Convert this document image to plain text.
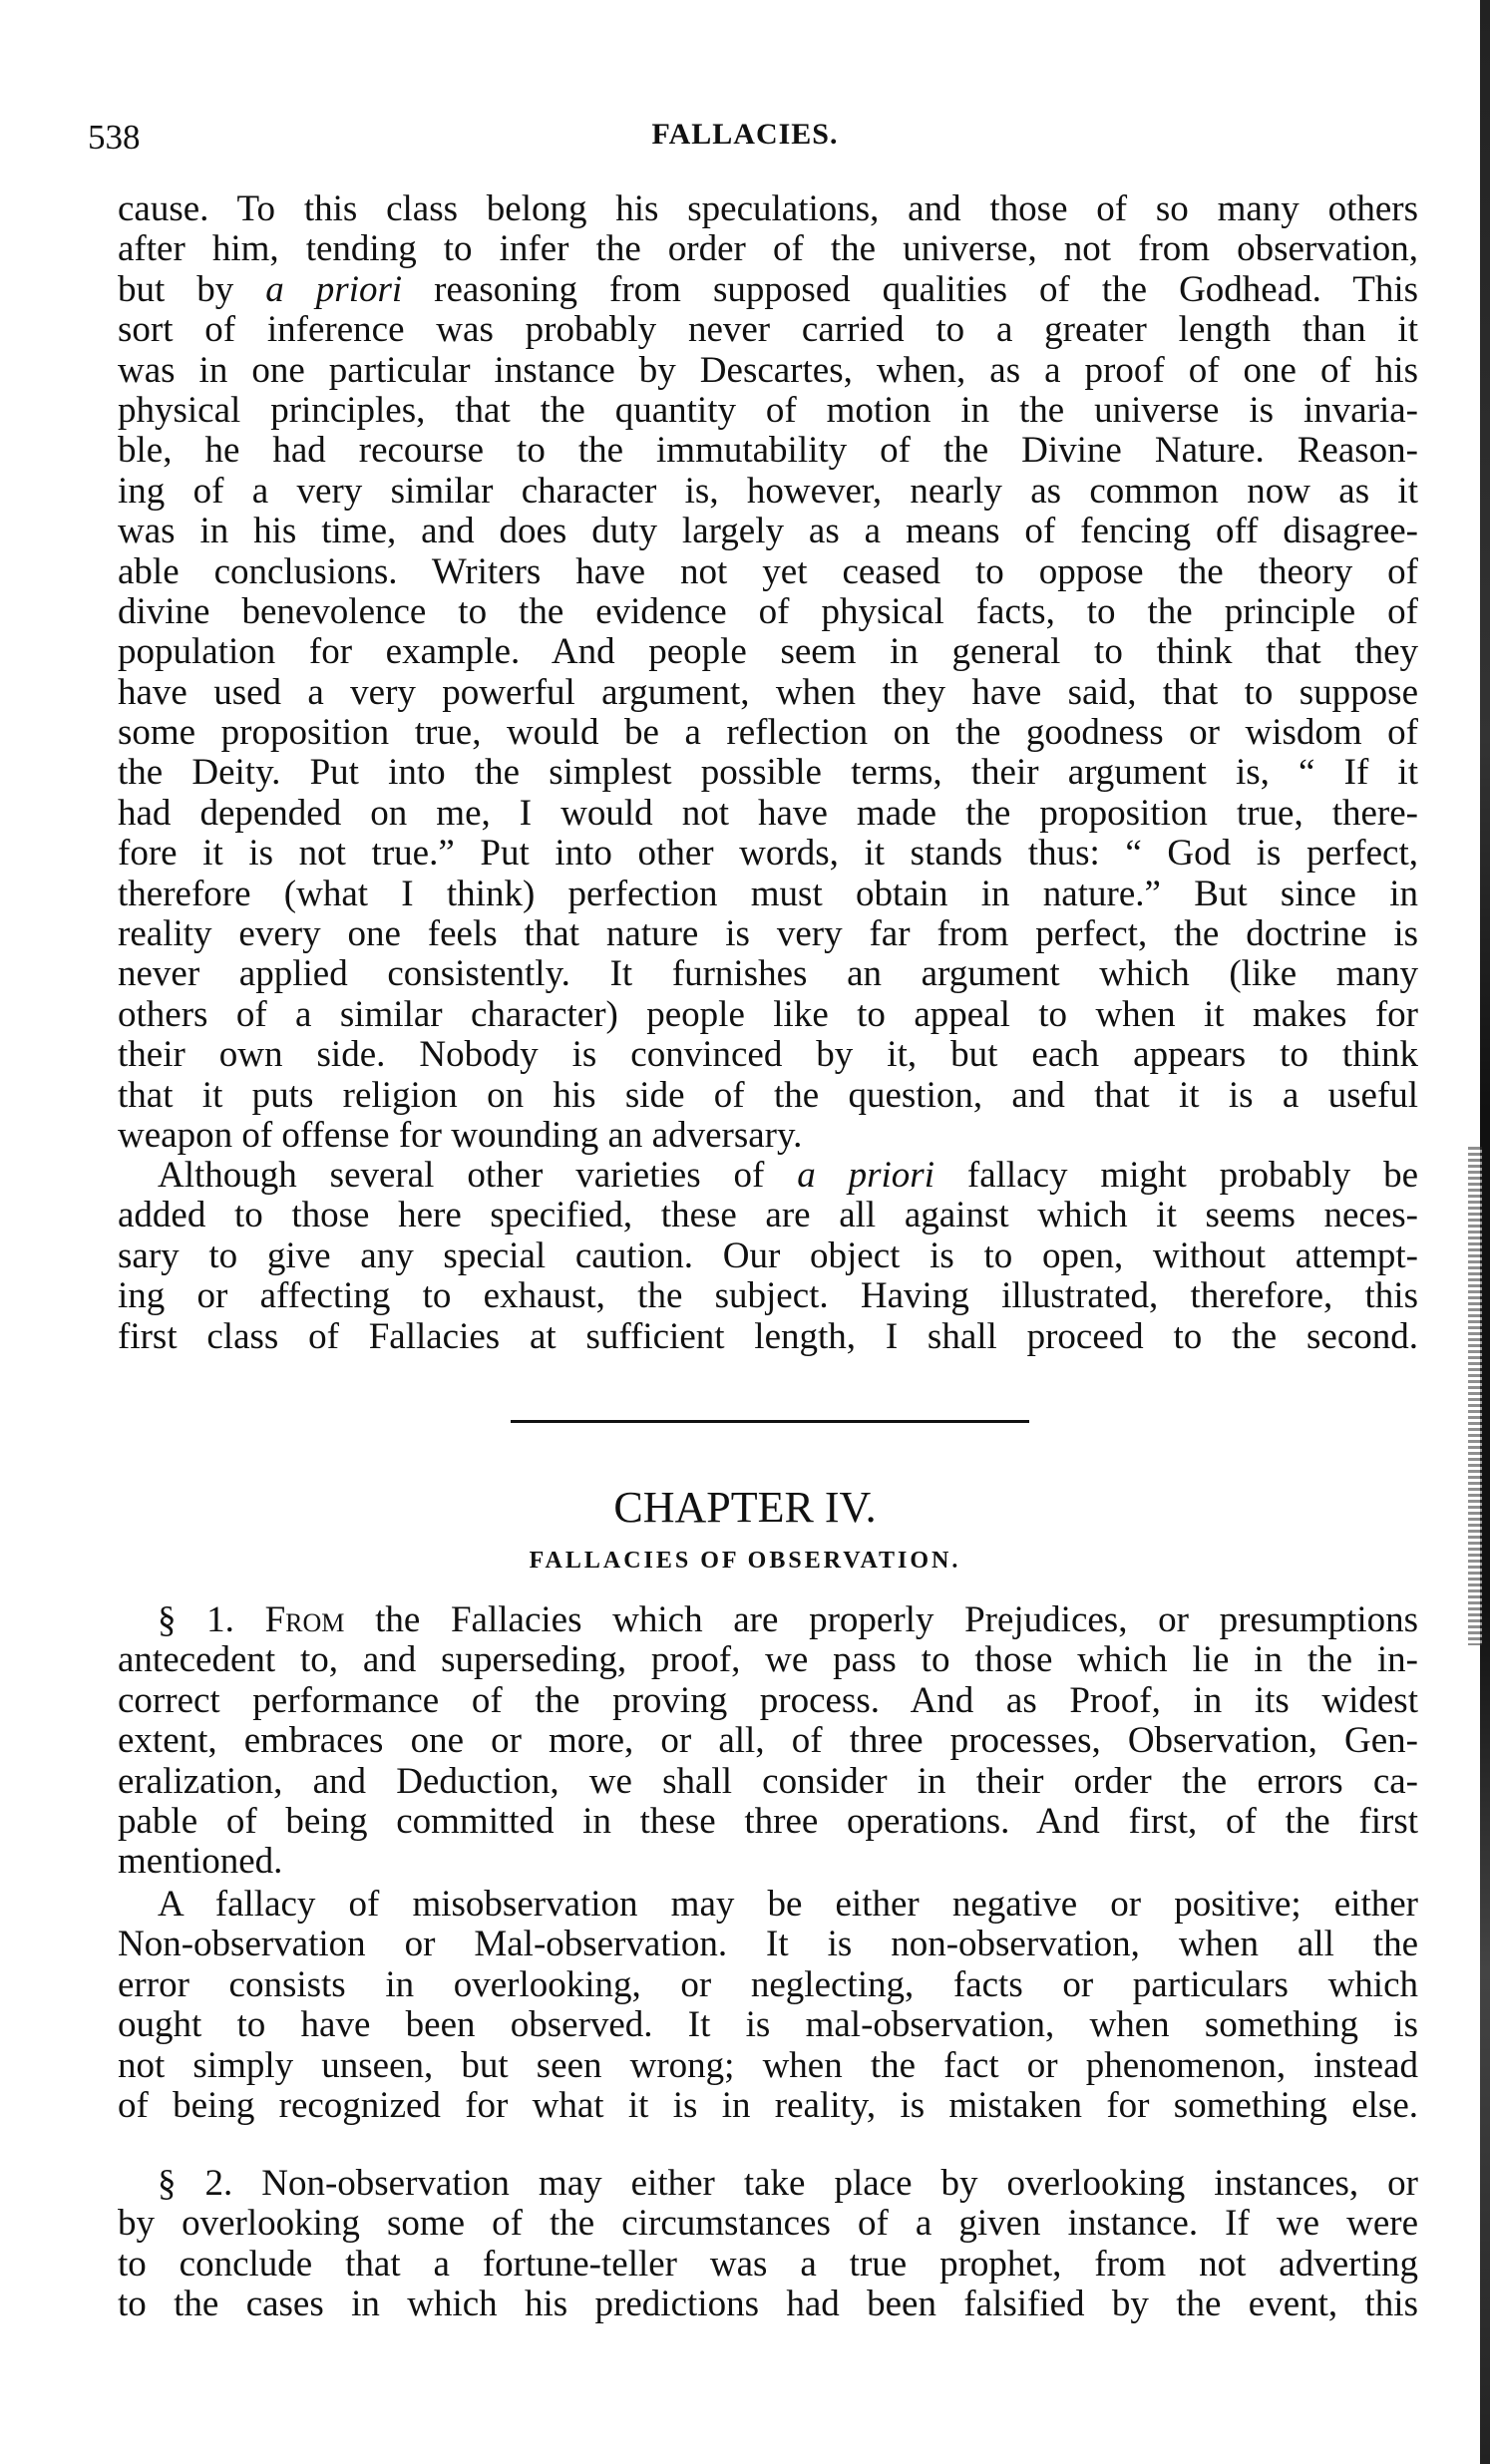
538	FALLACIES.
cause. To this class belong his speculations, and those of so many others
after him, tending to infer the order of the universe, not from observation,
but by a priori reasoning from supposed qualities of the Godhead. This
sort of inference was probably never carried to a greater length than it
was in one particular instance by Descartes, when, as a proof of one of his
physical principles, that the quantity of motion in the universe is invaria-
ble, he had recourse to the immutability of the Divine Nature. Reason-
ing of a very similar character is, however, nearly as common now as it
was in his time, and does duty largely as a means of fencing off disagree-
able conclusions. Writers have not yet ceased to oppose the theory of
divine benevolence to the evidence of physical facts, to the principle of
population for example. And people seem in general to think that they
have used a very powerful argument, when they have said, that to suppose
some proposition true, would be a reflection on the goodness or wisdom of
the Deity. Put into the simplest possible terms, their argument is, “ If it
had depended on me, I would not have made the proposition true, there-
fore it is not true.” Put into other words, it stands thus: “ God is perfect,
therefore (what I think) perfection must obtain in nature.” But since in
reality every one feels that nature is very far from perfect, the doctrine is
never applied consistently. It furnishes an argument which (like many
others of a similar character) people like to appeal to when it makes for
their own side. Nobody is convinced by it, but each appears to think
that it puts religion on his side of the question, and that it is a useful
weapon of offense for wounding an adversary.
Although several other varieties of a priori fallacy might probably be
added to those here specified, these are all against which it seems neces-
sary to give any special caution. Our object is to open, without attempt-
ing or affecting to exhaust, the subject. Having illustrated, therefore, this
first class of Fallacies at sufficient length, I shall proceed to the second.
CHAPTER IV.
FALLACIES OF OBSERVATION.
§ 1. From the Fallacies which are properly Prejudices, or presumptions
antecedent to, and superseding, proof, we pass to those which lie in the in-
correct performance of the proving process. And as Proof, in its widest
extent, embraces one or more, or all, of three processes, Observation, Gen-
eralization, and Deduction, we shall consider in their order the errors ca-
pable of being committed in these three operations. And first, of the first
mentioned.
A fallacy of misobservation may be either negative or positive; either
Non-observation or Mal-observation. It is non-observation, when all the
error consists in overlooking, or neglecting, facts or particulars which
ought to have been observed. It is mal-observation, when something is
not simply unseen, but seen wrong; when the fact or phenomenon, instead
of being recognized for what it is in reality, is mistaken for something else.
§ 2. Non-observation may either take place by overlooking instances, or
by overlooking some of the circumstances of a given instance. If we were
to conclude that a fortune-teller was a true prophet, from not adverting
to the cases in which his predictions had been falsified by the event, this
